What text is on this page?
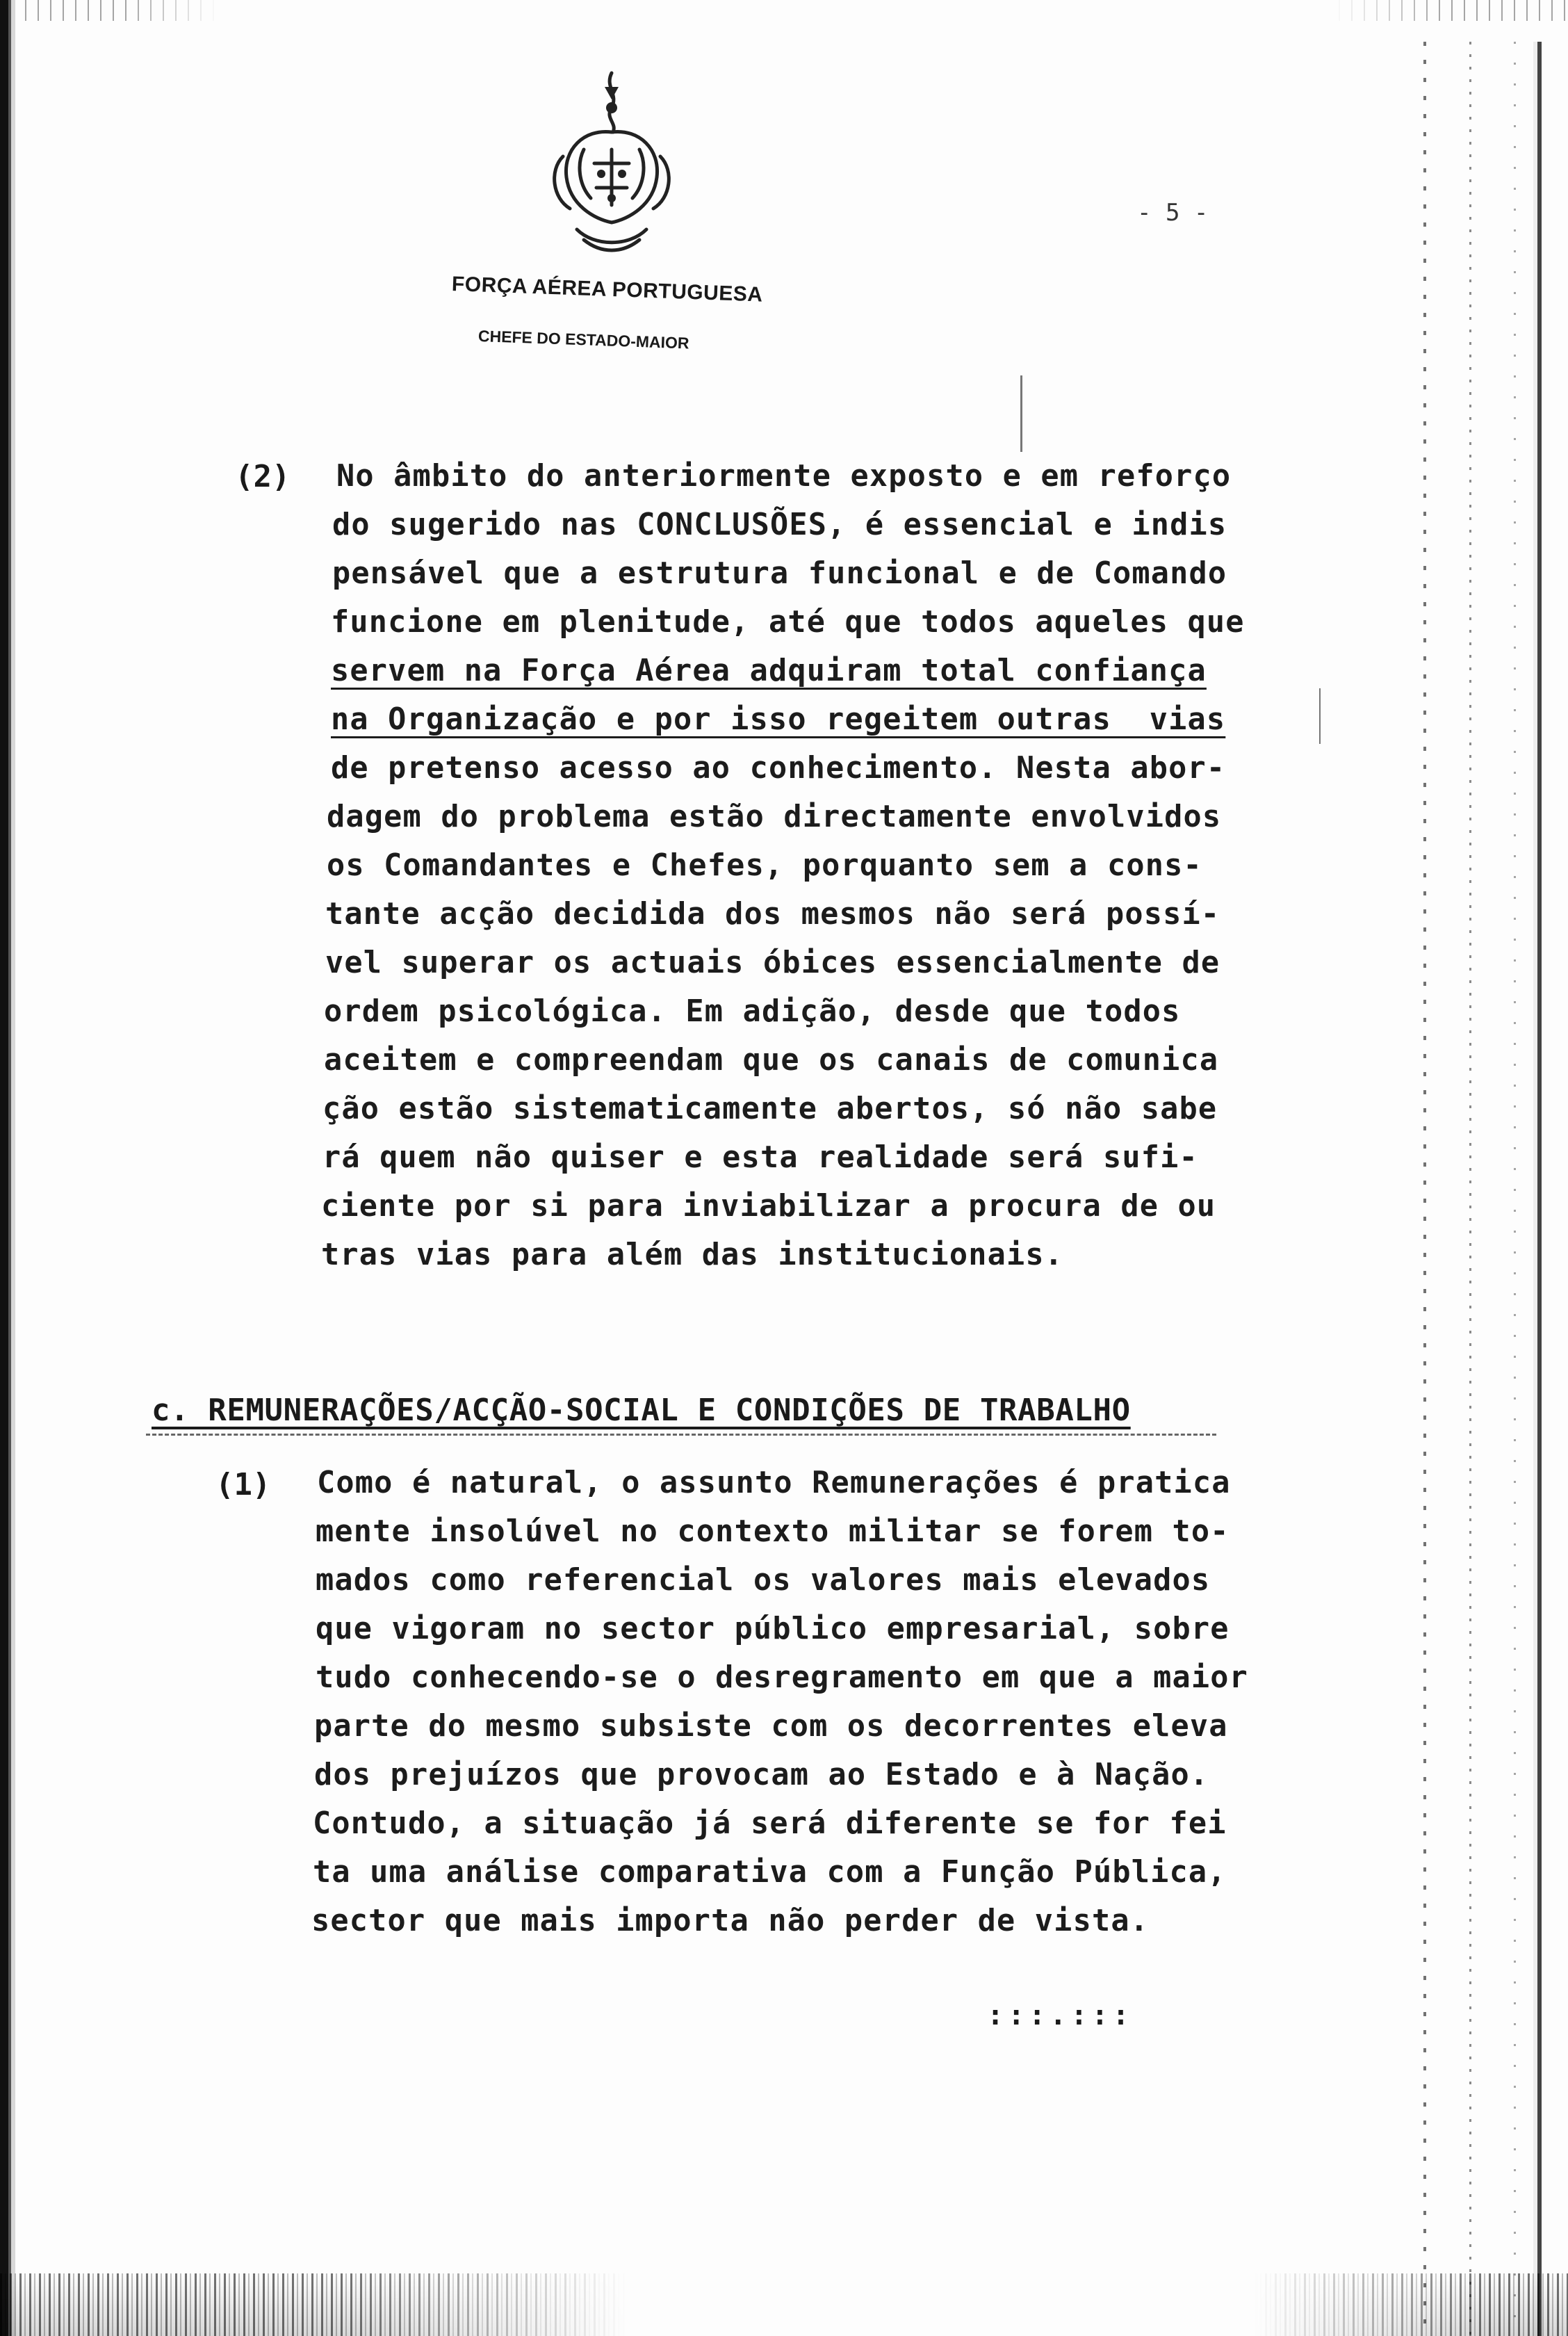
FORÇA AÉREA PORTUGUESA
CHEFE DO ESTADO-MAIOR
- 5 -
(2) No âmbito do anteriormente exposto e em reforço
do sugerido nas CONCLUSÕES, é essencial e indis
pensável que a estrutura funcional e de Comando
funcione em plenitude, até que todos aqueles que
servem na Força Aérea adquiram total confiança
na Organização e por isso regeitem outras  vias
de pretenso acesso ao conhecimento. Nesta abor-
dagem do problema estão directamente envolvidos
os Comandantes e Chefes, porquanto sem a cons-
tante acção decidida dos mesmos não será possí-
vel superar os actuais óbices essencialmente de
ordem psicológica. Em adição, desde que todos
aceitem e compreendam que os canais de comunica
ção estão sistematicamente abertos, só não sabe
rá quem não quiser e esta realidade será sufi-
ciente por si para inviabilizar a procura de ou
tras vias para além das institucionais.
c. REMUNERAÇÕES/ACÇÃO-SOCIAL E CONDIÇÕES DE TRABALHO
(1) Como é natural, o assunto Remunerações é pratica
mente insolúvel no contexto militar se forem to-
mados como referencial os valores mais elevados
que vigoram no sector público empresarial, sobre
tudo conhecendo-se o desregramento em que a maior
parte do mesmo subsiste com os decorrentes eleva
dos prejuízos que provocam ao Estado e à Nação.
Contudo, a situação já será diferente se for fei
ta uma análise comparativa com a Função Pública,
sector que mais importa não perder de vista.
:::.:::
